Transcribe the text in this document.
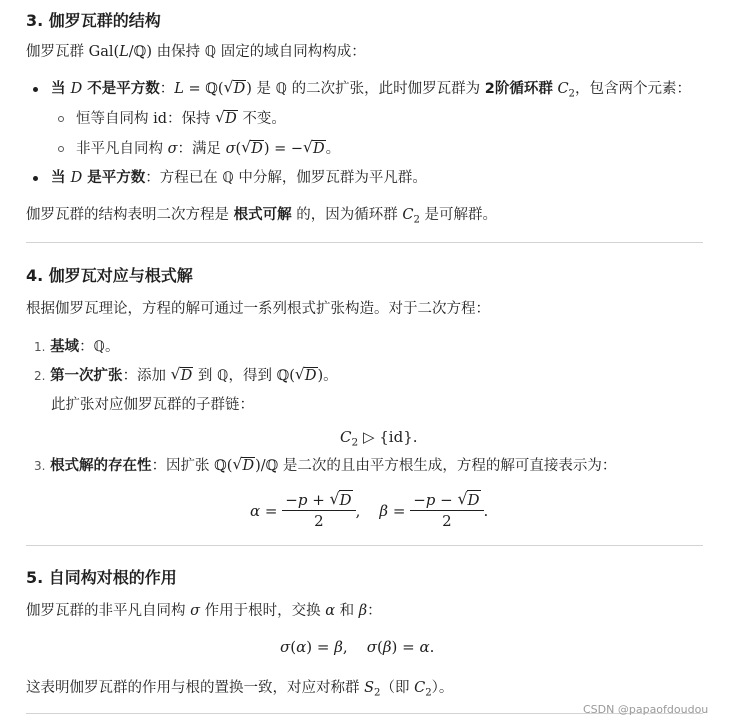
3. 伽罗瓦群的结构
伽罗瓦群 Gal(L/ℚ) 由保持 ℚ 固定的域自同构构成：
当 D 不是平方数：L = ℚ( √ D) 是 ℚ 的二次扩张，此时伽罗瓦群为 2阶循环群 $C_2$，包含两个元素：
恒等自同构 id：保持 √ D 不变。
非平凡自同构 σ：满足 σ( √ D) = − √ D。
当 D 是平方数：方程已在 ℚ 中分解，伽罗瓦群为平凡群。
伽罗瓦群的结构表明二次方程是 根式可解 的，因为循环群 $C_2$ 是可解群。
4. 伽罗瓦对应与根式解
根据伽罗瓦理论，方程的解可通过一系列根式扩张构造。对于二次方程：
1. 基域：ℚ。
2. 第一次扩张：添加 √ D 到 ℚ，得到 ℚ( √ D)。
此扩张对应伽罗瓦群的子群链：
$C_2$ ▷ {id}.
3. 根式解的存在性：因扩张 ℚ( √ D)/ℚ 是二次的且由平方根生成，方程的解可直接表示为：
$\alpha = \frac{-p + √ D}{2}$ , $\beta = \frac{-p - √ D}{2}$ .
5. 自同构对根的作用
伽罗瓦群的非平凡自同构 σ 作用于根时，交换 α 和 β：
σ(α) = β,    σ(β) = α.
这表明伽罗瓦群的作用与根的置换一致，对应对称群 $S_2$（即 $C_2$）。
CSDN @papaofdoudou
